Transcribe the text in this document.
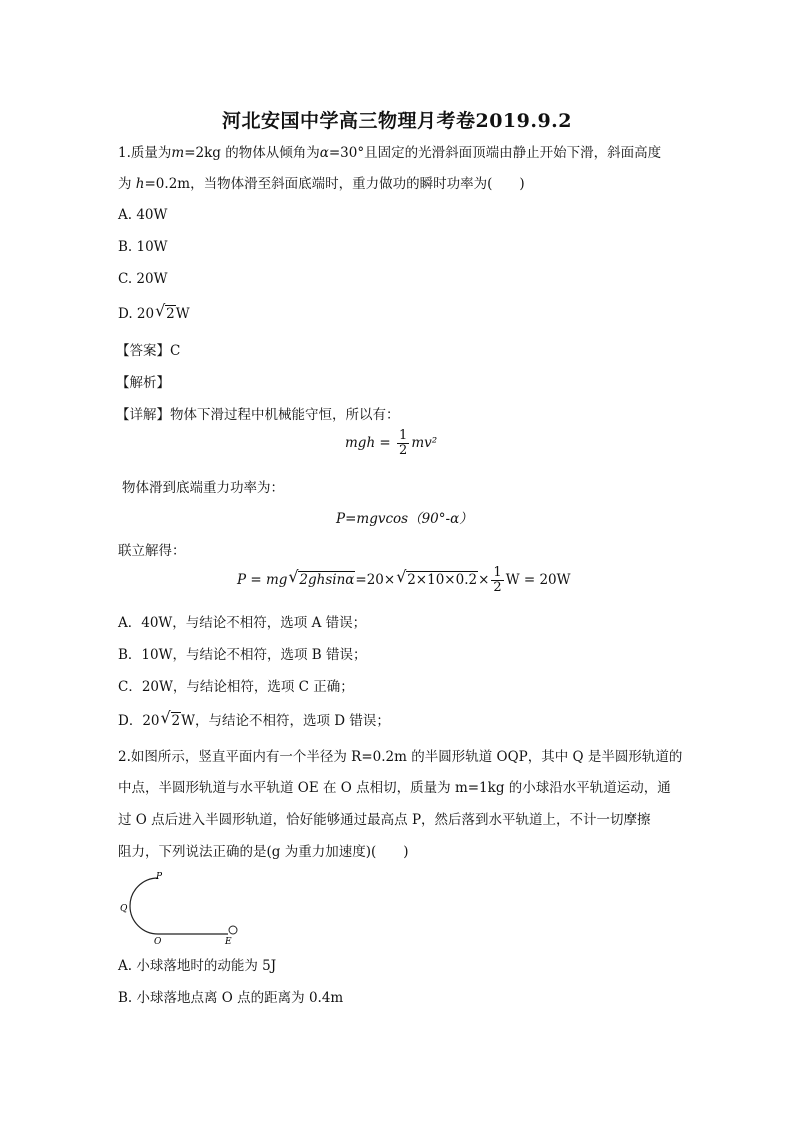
河北安国中学高三物理月考卷2019.9.2
1.质量为m=2kg 的物体从倾角为α=30°且固定的光滑斜面顶端由静止开始下滑，斜面高度
为 h=0.2m，当物体滑至斜面底端时，重力做功的瞬时功率为(　　)
A. 40W
B. 10W
C. 20W
D. 20 √ 2W
【答案】C
【解析】
【详解】物体下滑过程中机械能守恒，所以有：
mgh = $\frac{1}{2} mv^2$
物体滑到底端重力功率为：
P=mgvcos（90°-α）
联立解得：
P = mg √ 2ghsinα=20× √ $2\times 10\times 0.2\times \frac{1}{2}$ W = 20W
A．40W，与结论不相符，选项 A 错误；
B．10W，与结论不相符，选项 B 错误；
C．20W，与结论相符，选项 C 正确；
D．20 √ 2W，与结论不相符，选项 D 错误；
2.如图所示，竖直平面内有一个半径为 R=0.2m 的半圆形轨道 OQP，其中 Q 是半圆形轨道的
中点，半圆形轨道与水平轨道 OE 在 O 点相切，质量为 m=1kg 的小球沿水平轨道运动，通
过 O 点后进入半圆形轨道，恰好能够通过最高点 P，然后落到水平轨道上，不计一切摩擦
阻力，下列说法正确的是(g 为重力加速度)(　　)
P
Q
O	E
A. 小球落地时的动能为 5J
B. 小球落地点离 O 点的距离为 0.4m
